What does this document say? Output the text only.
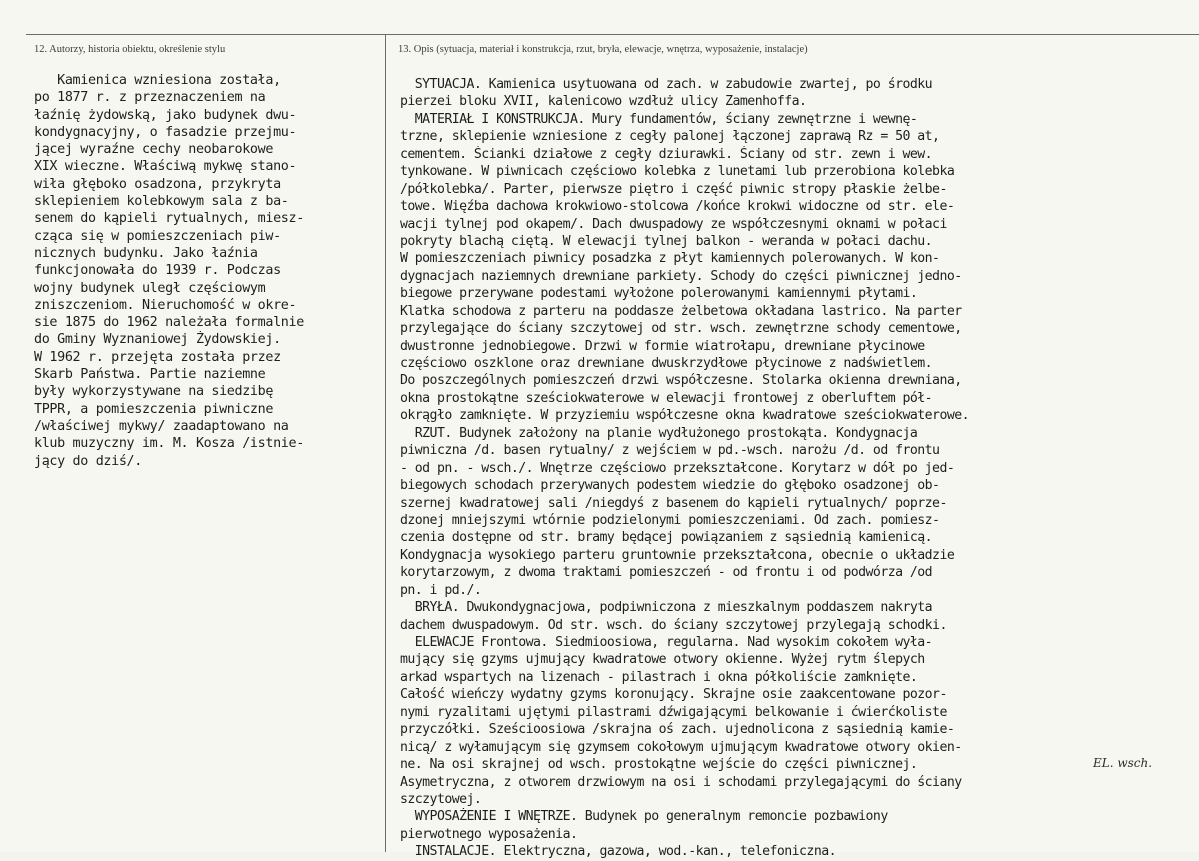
12. Autorzy, historia obiektu, określenie stylu	13. Opis (sytuacja, materiał i konstrukcja, rzut, bryła, elewacje, wnętrza, wyposażenie, instalacje)
Kamienica wzniesiona została,
po 1877 r. z przeznaczeniem na
łaźnię żydowską, jako budynek dwu-
kondygnacyjny, o fasadzie przejmu-
jącej wyraźne cechy neobarokowe
XIX wieczne. Właściwą mykwę stano-
wiła głęboko osadzona, przykryta
sklepieniem kolebkowym sala z ba-
senem do kąpieli rytualnych, miesz-
cząca się w pomieszczeniach piw-
nicznych budynku. Jako łaźnia
funkcjonowała do 1939 r. Podczas
wojny budynek uległ częściowym
zniszczeniom. Nieruchomość w okre-
sie 1875 do 1962 należała formalnie
do Gminy Wyznaniowej Żydowskiej.
W 1962 r. przejęta została przez
Skarb Państwa. Partie naziemne
były wykorzystywane na siedzibę
TPPR, a pomieszczenia piwniczne
/właściwej mykwy/ zaadaptowano na
klub muzyczny im. M. Kosza /istnie-
jący do dziś/.
SYTUACJA. Kamienica usytuowana od zach. w zabudowie zwartej, po środku
pierzei bloku XVII, kalenicowo wzdłuż ulicy Zamenhoffa.
MATERIAŁ I KONSTRUKCJA. Mury fundamentów, ściany zewnętrzne i wewnę-
trzne, sklepienie wzniesione z cegły palonej łączonej zaprawą Rz = 50 at,
cementem. Ścianki działowe z cegły dziurawki. Ściany od str. zewn i wew.
tynkowane. W piwnicach częściowo kolebka z lunetami lub przerobiona kolebka
/półkolebka/. Parter, pierwsze piętro i część piwnic stropy płaskie żelbe-
towe. Więźba dachowa krokwiowo-stolcowa /końce krokwi widoczne od str. ele-
wacji tylnej pod okapem/. Dach dwuspadowy ze współczesnymi oknami w połaci
pokryty blachą ciętą. W elewacji tylnej balkon - weranda w połaci dachu.
W pomieszczeniach piwnicy posadzka z płyt kamiennych polerowanych. W kon-
dygnacjach naziemnych drewniane parkiety. Schody do części piwnicznej jedno-
biegowe przerywane podestami wyłożone polerowanymi kamiennymi płytami.
Klatka schodowa z parteru na poddasze żelbetowa okładana lastrico. Na parter
przylegające do ściany szczytowej od str. wsch. zewnętrzne schody cementowe,
dwustronne jednobiegowe. Drzwi w formie wiatrołapu, drewniane płycinowe
częściowo oszklone oraz drewniane dwuskrzydłowe płycinowe z nadświetlem.
Do poszczególnych pomieszczeń drzwi współczesne. Stolarka okienna drewniana,
okna prostokątne sześciokwaterowe w elewacji frontowej z oberluftem pół-
okrągło zamknięte. W przyziemiu współczesne okna kwadratowe sześciokwaterowe.
RZUT. Budynek założony na planie wydłużonego prostokąta. Kondygnacja
piwniczna /d. basen rytualny/ z wejściem w pd.-wsch. narożu /d. od frontu
- od pn. - wsch./. Wnętrze częściowo przekształcone. Korytarz w dół po jed-
biegowych schodach przerywanych podestem wiedzie do głęboko osadzonej ob-
szernej kwadratowej sali /niegdyś z basenem do kąpieli rytualnych/ poprze-
dzonej mniejszymi wtórnie podzielonymi pomieszczeniami. Od zach. pomiesz-
czenia dostępne od str. bramy będącej powiązaniem z sąsiednią kamienicą.
Kondygnacja wysokiego parteru gruntownie przekształcona, obecnie o układzie
korytarzowym, z dwoma traktami pomieszczeń - od frontu i od podwórza /od
pn. i pd./.
BRYŁA. Dwukondygnacjowa, podpiwniczona z mieszkalnym poddaszem nakryta
dachem dwuspadowym. Od str. wsch. do ściany szczytowej przylegają schodki.
ELEWACJE Frontowa. Siedmioosiowa, regularna. Nad wysokim cokołem wyła-
mujący się gzyms ujmujący kwadratowe otwory okienne. Wyżej rytm ślepych
arkad wspartych na lizenach - pilastrach i okna półkoliście zamknięte.
Całość wieńczy wydatny gzyms koronujący. Skrajne osie zaakcentowane pozor-
nymi ryzalitami ujętymi pilastrami dźwigającymi belkowanie i ćwierćkoliste
przyczółki. Sześcioosiowa /skrajna oś zach. ujednolicona z sąsiednią kamie-
nicą/ z wyłamującym się gzymsem cokołowym ujmującym kwadratowe otwory okien-
ne. Na osi skrajnej od wsch. prostokątne wejście do części piwnicznej.
Asymetryczna, z otworem drzwiowym na osi i schodami przylegającymi do ściany
szczytowej.
WYPOSAŻENIE I WNĘTRZE. Budynek po generalnym remoncie pozbawiony
pierwotnego wyposażenia.
INSTALACJE. Elektryczna, gazowa, wod.-kan., telefoniczna.
EL. wsch.
